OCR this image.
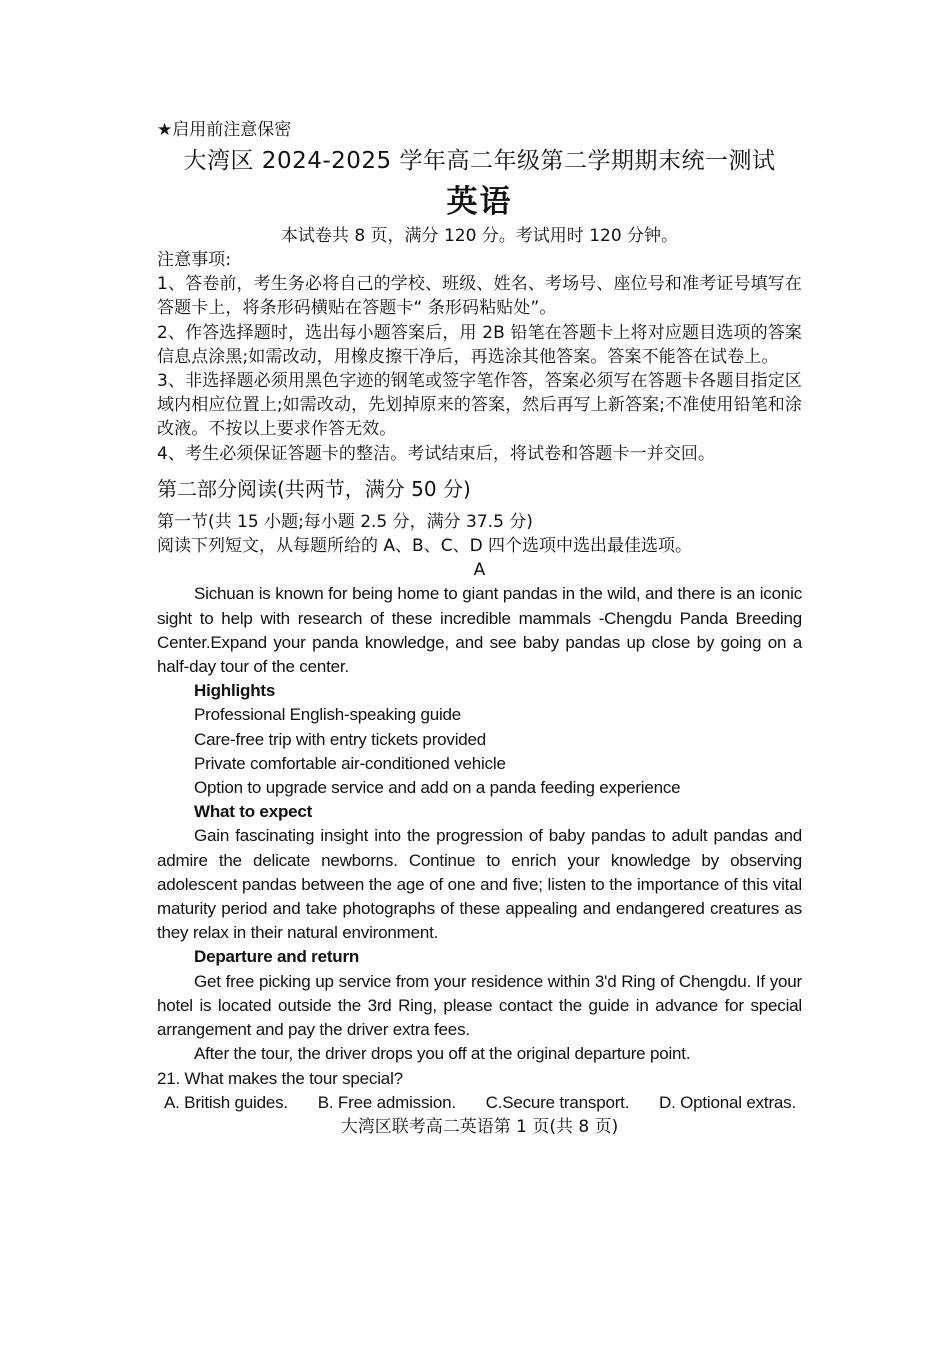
★启用前注意保密
大湾区 2024-2025 学年高二年级第二学期期末统一测试
英语
本试卷共 8 页，满分 120 分。考试用时 120 分钟。

注意事项:

1、答卷前，考生务必将自己的学校、班级、姓名、考场号、座位号和准考证号填写在答题卡上，将条形码横贴在答题卡“ 条形码粘贴处”。

2、作答选择题时，选出每小题答案后，用 2B 铅笔在答题卡上将对应题目选项的答案信息点涂黑;如需改动，用橡皮擦干净后，再选涂其他答案。答案不能答在试卷上。

3、非选择题必须用黑色字迹的钢笔或签字笔作答，答案必须写在答题卡各题目指定区域内相应位置上;如需改动，先划掉原来的答案，然后再写上新答案;不准使用铅笔和涂改液。不按以上要求作答无效。

4、考生必须保证答题卡的整洁。考试结束后，将试卷和答题卡一并交回。

第二部分阅读(共两节，满分 50 分)
第一节(共 15 小题;每小题 2.5 分，满分 37.5 分)
阅读下列短文，从每题所给的 A、B、C、D 四个选项中选出最佳选项。
A

Sichuan is known for being home to giant pandas in the wild, and there is an iconic sight to help with research of these incredible mammals -Chengdu Panda Breeding Center.Expand your panda knowledge, and see baby pandas up close by going on a half-day tour of the center.

Highlights

Professional English-speaking guide

Care-free trip with entry tickets provided

Private comfortable air-conditioned vehicle

Option to upgrade service and add on a panda feeding experience

What to expect

Gain fascinating insight into the progression of baby pandas to adult pandas and admire the delicate newborns. Continue to enrich your knowledge by observing adolescent pandas between the age of one and five; listen to the importance of this vital maturity period and take photographs of these appealing and endangered creatures as they relax in their natural environment.

Departure and return

Get free picking up service from your residence within 3'd Ring of Chengdu. If your hotel is located outside the 3rd Ring, please contact the guide in advance for special arrangement and pay the driver extra fees.

After the tour, the driver drops you off at the original departure point.

21. What makes the tour special?

A. British guides. B. Free admission. C.Secure transport. D. Optional extras.
大湾区联考高二英语第 1 页(共 8 页)
